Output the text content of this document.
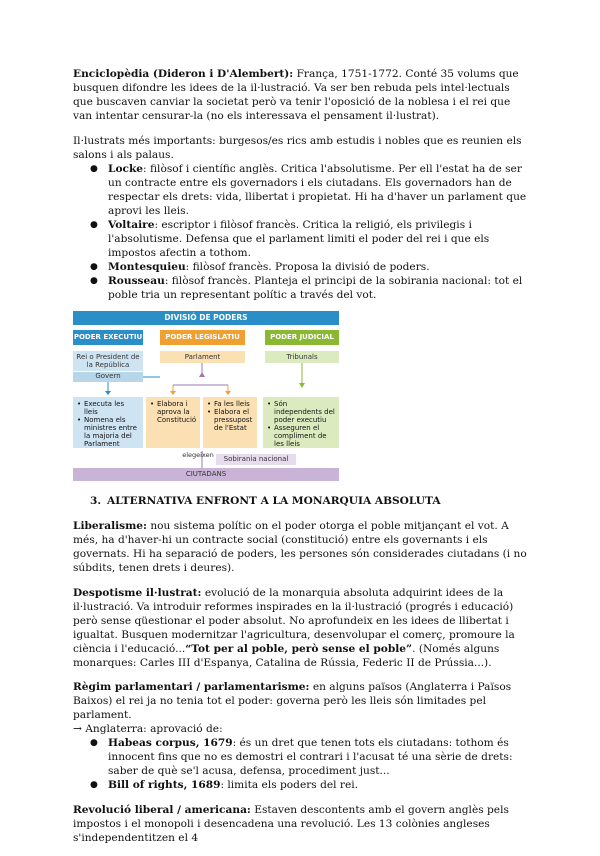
Enciclopèdia (Dideron i D'Alembert): França, 1751-1772. Conté 35 volums que busquen difondre les idees de la il·lustració. Va ser ben rebuda pels intel·lectuals que buscaven canviar la societat però va tenir l'oposició de la noblesa i el rei que van intentar censurar-la (no els interessava el pensament il·lustrat).

Il·lustrats més importants: burgesos/es rics amb estudis i nobles que es reunien els salons i als palaus.

● Locke: filòsof i científic anglès. Critica l'absolutisme. Per ell l'estat ha de ser un contracte entre els governadors i els ciutadans. Els governadors han de respectar els drets: vida, llibertat i propietat. Hi ha d'haver un parlament que aprovi les lleis.
● Voltaire: escriptor i filòsof francès. Critica la religió, els privilegis i l'absolutisme. Defensa que el parlament limiti el poder del rei i que els impostos afectin a tothom.
● Montesquieu: filòsof francès. Proposa la divisió de poders.
● Rousseau: filòsof francès. Planteja el principi de la sobirania nacional: tot el poble tria un representant polític a través del vot.
DIVISIÓ DE PODERS
PODER EXECUTIU	PODER LEGISLATIU	PODER JUDICIAL
Rei o President de la República
Govern
Parlament	Tribunals
• Executa les lleis
• Nomena els ministres entre la majoria del Parlament
• Elabora i aprova la Constitució
• Fa les lleis
• Elabora el pressupost de l'Estat
• Són independents del poder executiu
• Asseguren el compliment de les lleis
elegeixen	Sobirania nacional
CIUTADANS
3. ALTERNATIVA ENFRONT A LA MONARQUIA ABSOLUTA

Liberalisme: nou sistema polític on el poder otorga el poble mitjançant el vot. A més, ha d'haver-hi un contracte social (constitució) entre els governants i els governats. Hi ha separació de poders, les persones són considerades ciutadans (i no súbdits, tenen drets i deures).

Despotisme il·lustrat: evolució de la monarquia absoluta adquirint idees de la il·lustració. Va introduir reformes inspirades en la il·lustració (progrés i educació) però sense qüestionar el poder absolut. No aprofundeix en les idees de llibertat i igualtat. Busquen modernitzar l'agricultura, desenvolupar el comerç, promoure la ciència i l'educació...“Tot per al poble, però sense el poble”. (Només alguns monarques: Carles III d'Espanya, Catalina de Rússia, Federic II de Prússia...).

Règim parlamentari / parlamentarisme: en alguns països (Anglaterra i Països Baixos) el rei ja no tenia tot el poder: governa però les lleis són limitades pel parlament.

→ Anglaterra: aprovació de:
● Habeas corpus, 1679: és un dret que tenen tots els ciutadans: tothom és innocent fins que no es demostri el contrari i l'acusat té una sèrie de drets: saber de què se'l acusa, defensa, procediment just...
● Bill of rights, 1689: limita els poders del rei.

Revolució liberal / americana: Estaven descontents amb el govern anglès pels impostos i el monopoli i desencadena una revolució. Les 13 colònies angleses s'independentitzen el 4
